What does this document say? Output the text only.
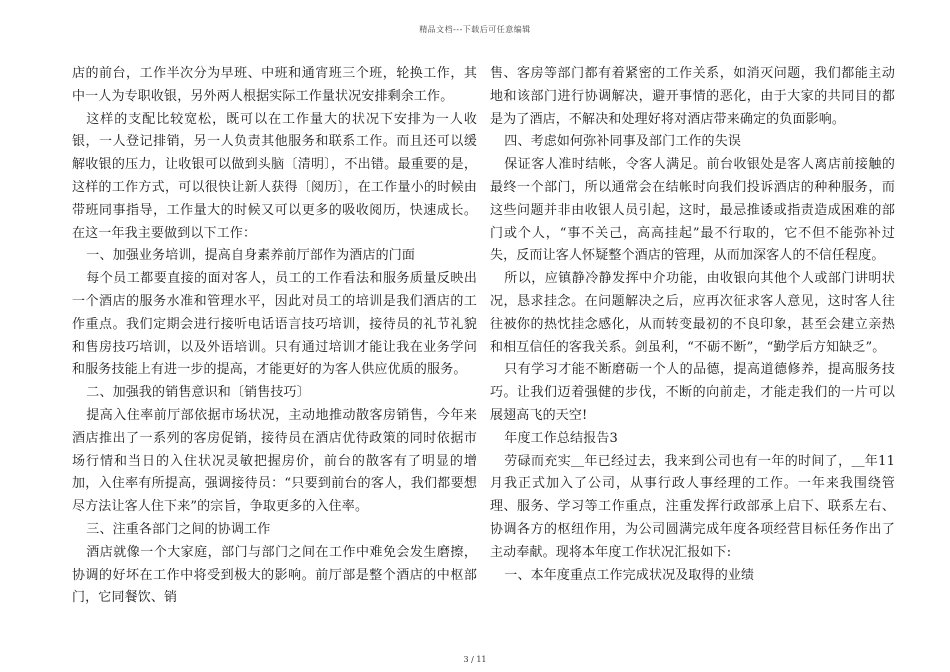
精品文档---下载后可任意编辑

店的前台，工作半次分为早班、中班和通宵班三个班，轮换工作，其中一人为专职收银，另外两人根据实际工作量状况安排剩余工作。

这样的支配比较宽松，既可以在工作量大的状况下安排为一人收银，一人登记排销，另一人负责其他服务和联系工作。而且还可以缓解收银的压力，让收银可以做到头脑〔清明〕，不出错。最重要的是，这样的工作方式，可以很快让新人获得〔阅历〕，在工作量小的时候由带班同事指导，工作量大的时候又可以更多的吸收阅历，快速成长。在这一年我主要做到以下工作：

一、加强业务培训，提高自身素养前厅部作为酒店的门面

每个员工都要直接的面对客人，员工的工作看法和服务质量反映出一个酒店的服务水准和管理水平，因此对员工的培训是我们酒店的工作重点。我们定期会进行接听电话语言技巧培训，接待员的礼节礼貌和售房技巧培训，以及外语培训。只有通过培训才能让我在业务学问和服务技能上有进一步的提高，才能更好的为客人供应优质的服务。

二、加强我的销售意识和〔销售技巧〕

提高入住率前厅部依据市场状况，主动地推动散客房销售，今年来酒店推出了一系列的客房促销，接待员在酒店优待政策的同时依据市场行情和当日的入住状况灵敏把握房价，前台的散客有了明显的增加，入住率有所提高，强调接待员：“只要到前台的客人，我们都要想尽方法让客人住下来”的宗旨，争取更多的入住率。

三、注重各部门之间的协调工作

酒店就像一个大家庭，部门与部门之间在工作中难免会发生磨擦，协调的好坏在工作中将受到极大的影响。前厅部是整个酒店的中枢部门，它同餐饮、销

售、客房等部门都有着紧密的工作关系，如消灭问题，我们都能主动地和该部门进行协调解决，避开事情的恶化，由于大家的共同目的都是为了酒店，不解决和处理好将对酒店带来确定的负面影响。

四、考虑如何弥补同事及部门工作的失误

保证客人准时结帐，令客人满足。前台收银处是客人离店前接触的最终一个部门，所以通常会在结帐时向我们投诉酒店的种种服务，而这些问题并非由收银人员引起，这时，最忌推诿或指责造成困难的部门或个人，“事不关己，高高挂起”最不行取的，它不但不能弥补过失，反而让客人怀疑整个酒店的管理，从而加深客人的不信任程度。

所以，应镇静冷静发挥中介功能，由收银向其他个人或部门讲明状况，恳求挂念。在问题解决之后，应再次征求客人意见，这时客人往往被你的热忱挂念感化，从而转变最初的不良印象，甚至会建立亲热和相互信任的客我关系。剑虽利，“不砺不断”，“勤学后方知缺乏”。

只有学习才能不断磨砺一个人的品德，提高道德修养，提高服务技巧。让我们迈着强健的步伐，不断的向前走，才能走我们的一片可以展翅高飞的天空!

年度工作总结报告3

劳碌而充实＿年已经过去，我来到公司也有一年的时间了，＿年11月我正式加入了公司，从事行政人事经理的工作。一年来我围绕管理、服务、学习等工作重点，注重发挥行政部承上启下、联系左右、协调各方的枢纽作用，为公司圆满完成年度各项经营目标任务作出了主动奉献。现将本年度工作状况汇报如下:

一、本年度重点工作完成状况及取得的业绩

3 / 11
